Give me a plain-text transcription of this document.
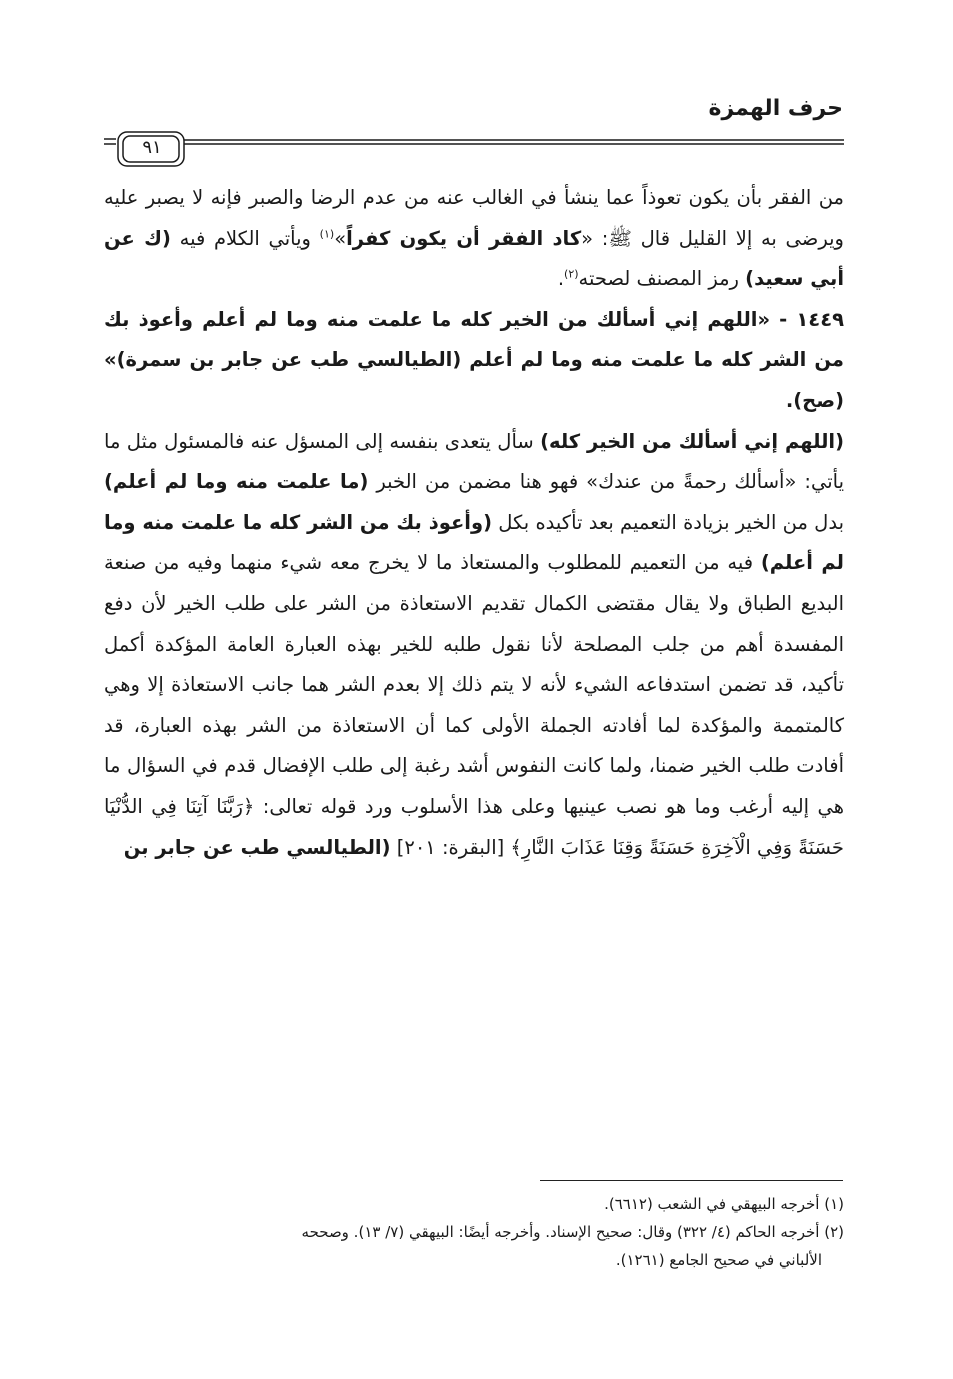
حرف الهمزة
٩١

من الفقر بأن يكون تعوذاً عما ينشأ في الغالب عنه من عدم الرضا والصبر فإنه لا يصبر عليه ويرضى به إلا القليل قال ﷺ: «كاد الفقر أن يكون كفراً»$^{(١)}$ ويأتي الكلام فيه (ك عن أبي سعيد) رمز المصنف لصحته$^{(٢)}$.

١٤٤٩ - «اللهم إني أسألك من الخير كله ما علمت منه وما لم أعلم وأعوذ بك من الشر كله ما علمت منه وما لم أعلم (الطيالسي طب عن جابر بن سمرة)» (صح).

(اللهم إني أسألك من الخير كله) سأل يتعدى بنفسه إلى المسؤل عنه فالمسئول مثل ما يأتي: «أسألك رحمةً من عندك» فهو هنا مضمن من الخبر (ما علمت منه وما لم أعلم) بدل من الخير بزيادة التعميم بعد تأكيده بكل (وأعوذ بك من الشر كله ما علمت منه وما لم أعلم) فيه من التعميم للمطلوب والمستعاذ ما لا يخرج معه شيء منهما وفيه من صنعة البديع الطباق ولا يقال مقتضى الكمال تقديم الاستعاذة من الشر على طلب الخير لأن دفع المفسدة أهم من جلب المصلحة لأنا نقول طلبه للخير بهذه العبارة العامة المؤكدة أكمل تأكيد، قد تضمن استدفاعه الشيء لأنه لا يتم ذلك إلا بعدم الشر هما جانب الاستعاذة إلا وهي كالمتممة والمؤكدة لما أفادته الجملة الأولى كما أن الاستعاذة من الشر بهذه العبارة، قد أفادت طلب الخير ضمنا، ولما كانت النفوس أشد رغبة إلى طلب الإفضال قدم في السؤال ما هي إليه أرغب وما هو نصب عينيها وعلى هذا الأسلوب ورد قوله تعالى: ﴿رَبَّنَا آتِنَا فِي الدُّنْيَا حَسَنَةً وَفِي الْآخِرَةِ حَسَنَةً وَقِنَا عَذَابَ النَّارِ﴾ [البقرة: ٢٠١] (الطيالسي طب عن جابر بن

(١) أخرجه البيهقي في الشعب (٦٦١٢).

(٢) أخرجه الحاكم (٤/ ٣٢٢) وقال: صحيح الإسناد. وأخرجه أيضًا: البيهقي (٧/ ١٣). وصححه

الألباني في صحيح الجامع (١٢٦١).
